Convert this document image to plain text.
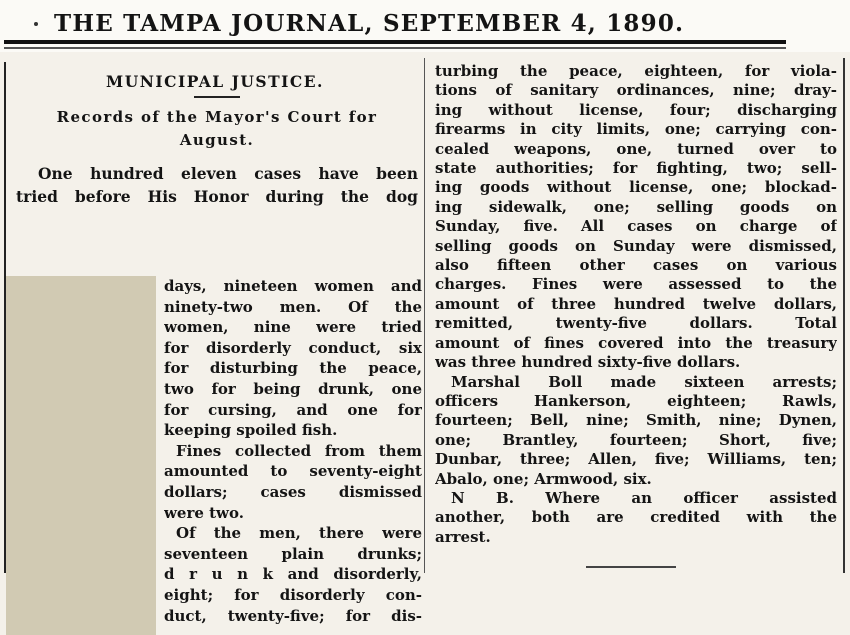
THE TAMPA JOURNAL, SEPTEMBER 4, 1890.
MUNICIPAL JUSTICE.
Records of the Mayor's Court for
August.
One hundred eleven cases have been
tried before His Honor during the dog
days, nineteen women and
ninety-two men. Of the
women, nine were tried
for disorderly conduct, six
for disturbing the peace,
two for being drunk, one
for cursing, and one for
keeping spoiled fish.
Fines collected from them
amounted to seventy-eight
dollars; cases dismissed
were two.
Of the men, there were
seventeen plain drunks;
d r u n k and disorderly,
eight; for disorderly con-
duct, twenty-five; for dis-
turbing the peace, eighteen, for viola-
tions of sanitary ordinances, nine; dray-
ing without license, four; discharging
firearms in city limits, one; carrying con-
cealed weapons, one, turned over to
state authorities; for fighting, two; sell-
ing goods without license, one; blockad-
ing sidewalk, one; selling goods on
Sunday, five. All cases on charge of
selling goods on Sunday were dismissed,
also fifteen other cases on various
charges. Fines were assessed to the
amount of three hundred twelve dollars,
remitted, twenty-five dollars. Total
amount of fines covered into the treasury
was three hundred sixty-five dollars.
Marshal Boll made sixteen arrests;
officers Hankerson, eighteen; Rawls,
fourteen; Bell, nine; Smith, nine; Dynen,
one; Brantley, fourteen; Short, five;
Dunbar, three; Allen, five; Williams, ten;
Abalo, one; Armwood, six.
N B. Where an officer assisted
another, both are credited with the
arrest.
